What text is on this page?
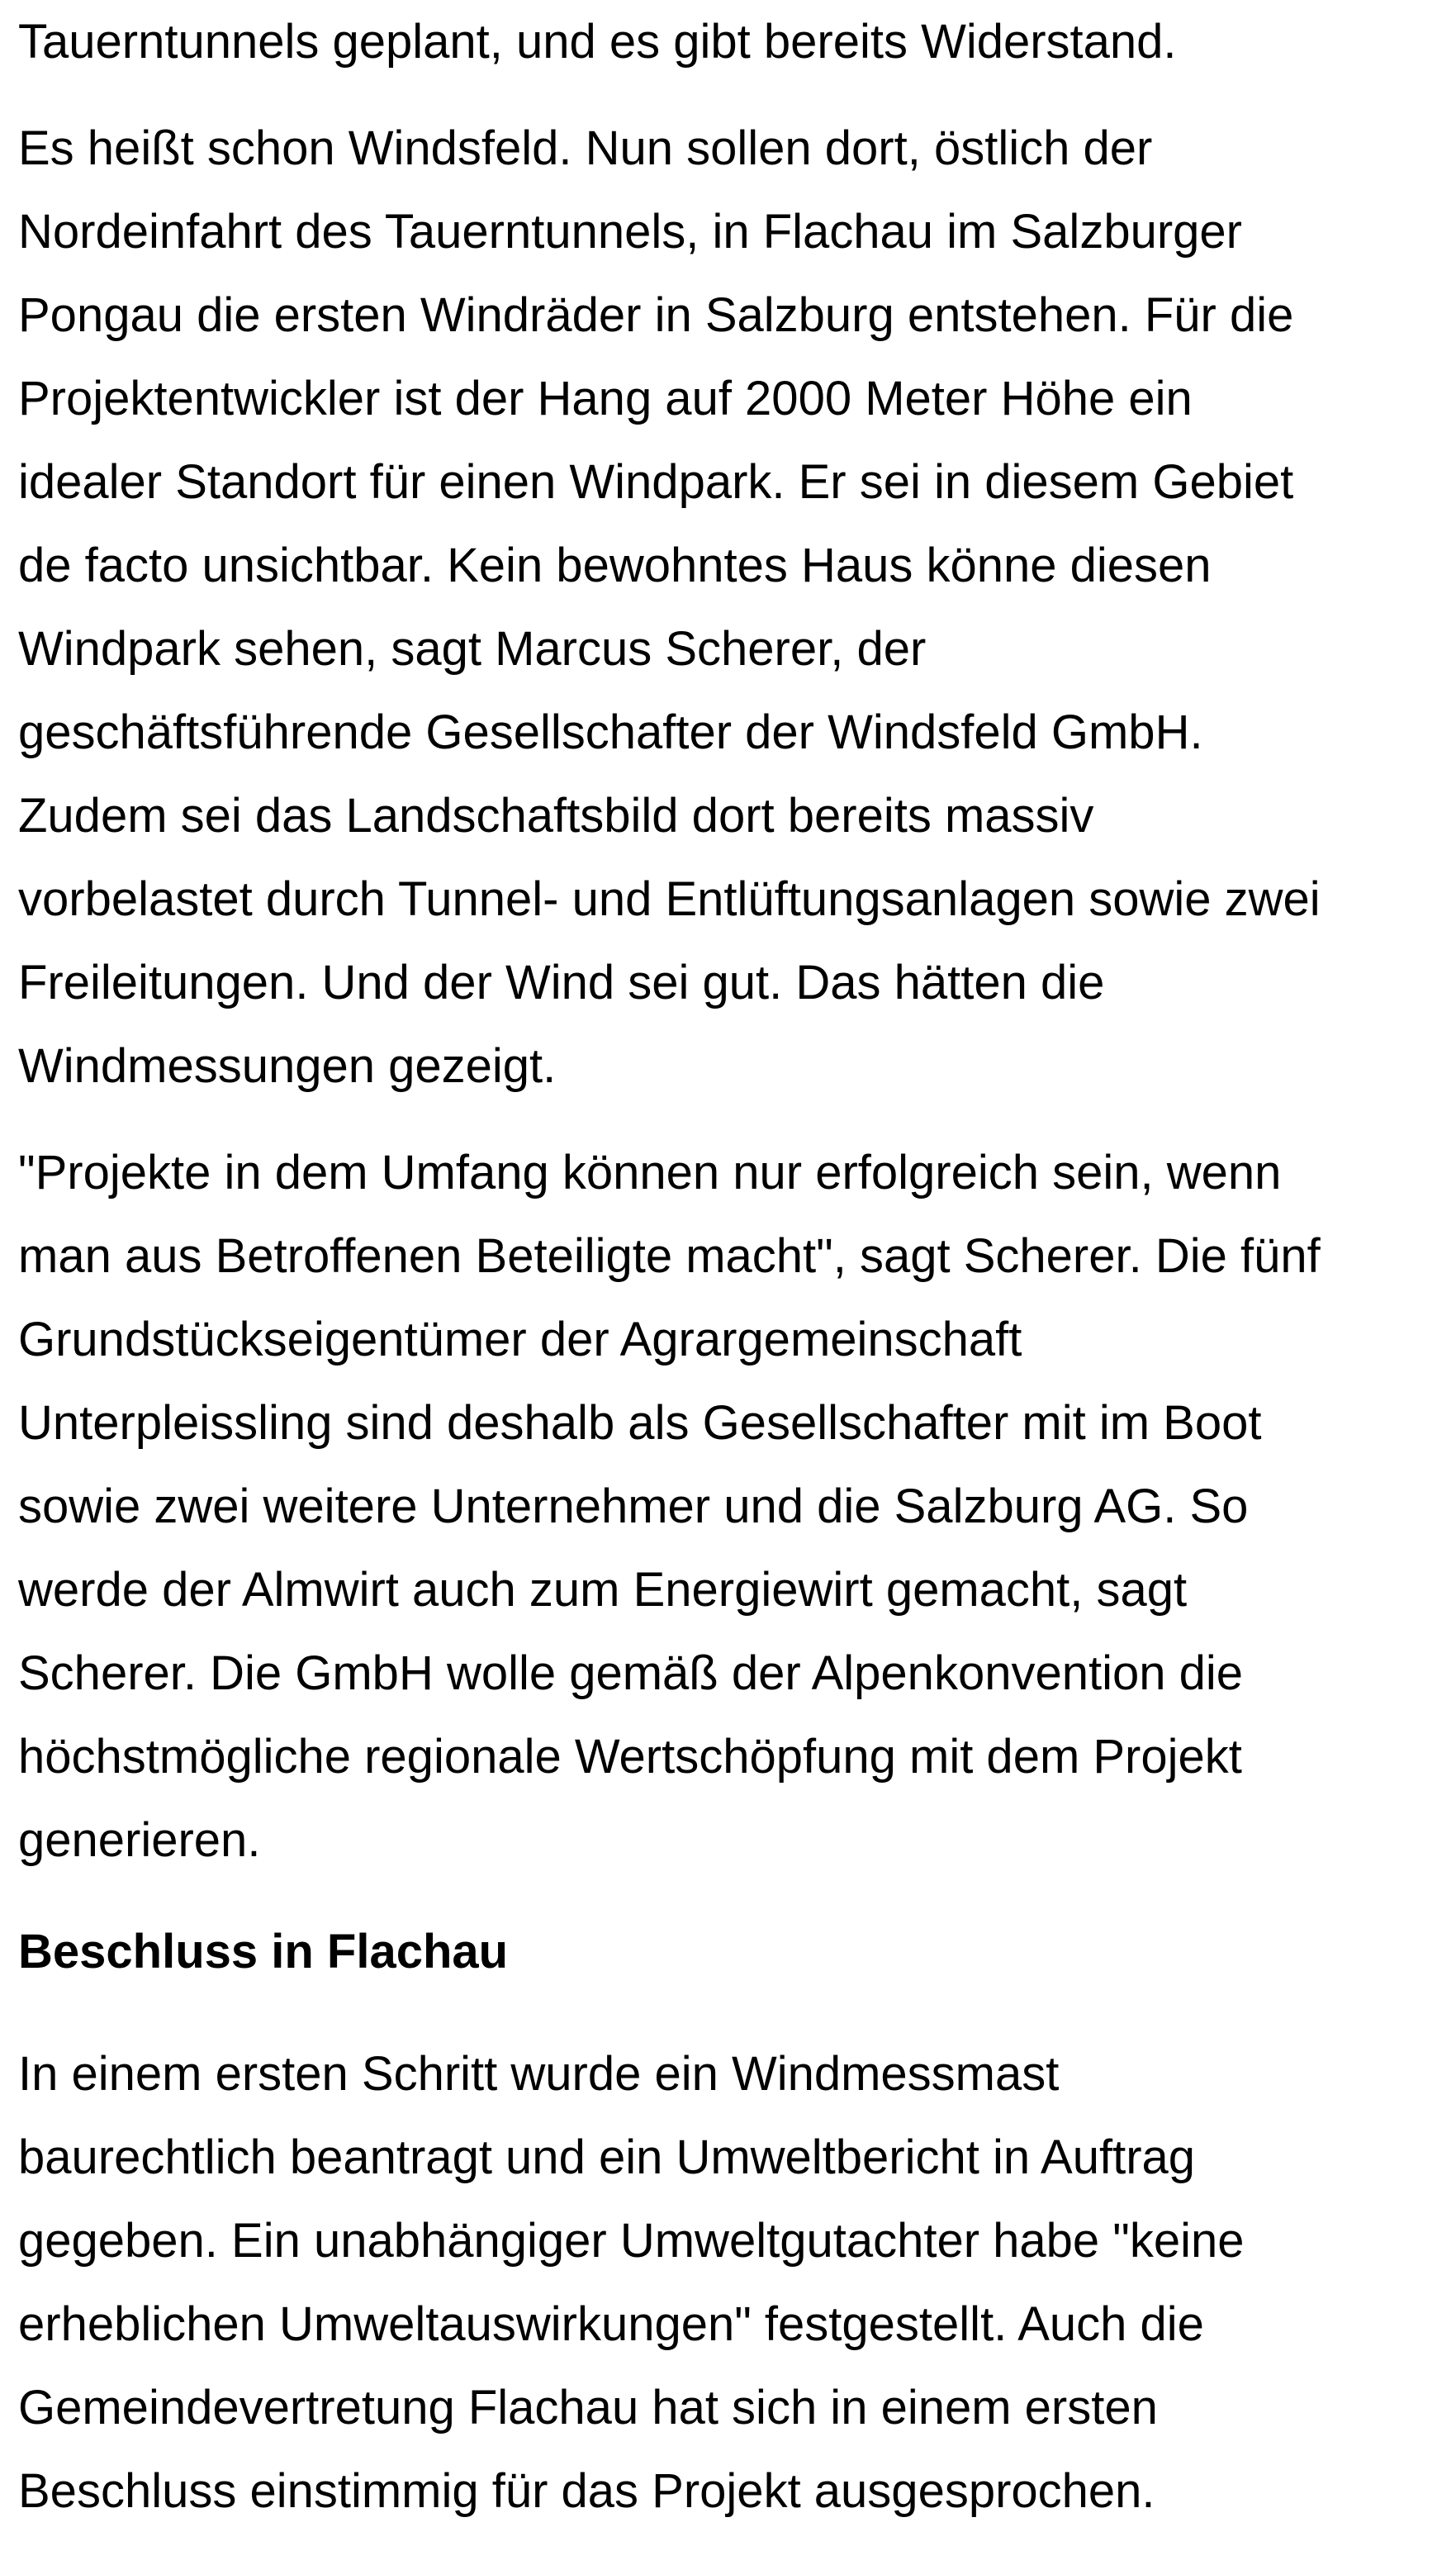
Tauerntunnels geplant, und es gibt bereits Widerstand.

Es heißt schon Windsfeld. Nun sollen dort, östlich der
Nordeinfahrt des Tauerntunnels, in Flachau im Salzburger
Pongau die ersten Windräder in Salzburg entstehen. Für die
Projektentwickler ist der Hang auf 2000 Meter Höhe ein
idealer Standort für einen Windpark. Er sei in diesem Gebiet
de facto unsichtbar. Kein bewohntes Haus könne diesen
Windpark sehen, sagt Marcus Scherer, der
geschäftsführende Gesellschafter der Windsfeld GmbH.
Zudem sei das Landschaftsbild dort bereits massiv
vorbelastet durch Tunnel- und Entlüftungsanlagen sowie zwei
Freileitungen. Und der Wind sei gut. Das hätten die
Windmessungen gezeigt.

"Projekte in dem Umfang können nur erfolgreich sein, wenn
man aus Betroffenen Beteiligte macht", sagt Scherer. Die fünf
Grundstückseigentümer der Agrargemeinschaft
Unterpleissling sind deshalb als Gesellschafter mit im Boot
sowie zwei weitere Unternehmer und die Salzburg AG. So
werde der Almwirt auch zum Energiewirt gemacht, sagt
Scherer. Die GmbH wolle gemäß der Alpenkonvention die
höchstmögliche regionale Wertschöpfung mit dem Projekt
generieren.

Beschluss in Flachau

In einem ersten Schritt wurde ein Windmessmast
baurechtlich beantragt und ein Umweltbericht in Auftrag
gegeben. Ein unabhängiger Umweltgutachter habe "keine
erheblichen Umweltauswirkungen" festgestellt. Auch die
Gemeindevertretung Flachau hat sich in einem ersten
Beschluss einstimmig für das Projekt ausgesprochen.
